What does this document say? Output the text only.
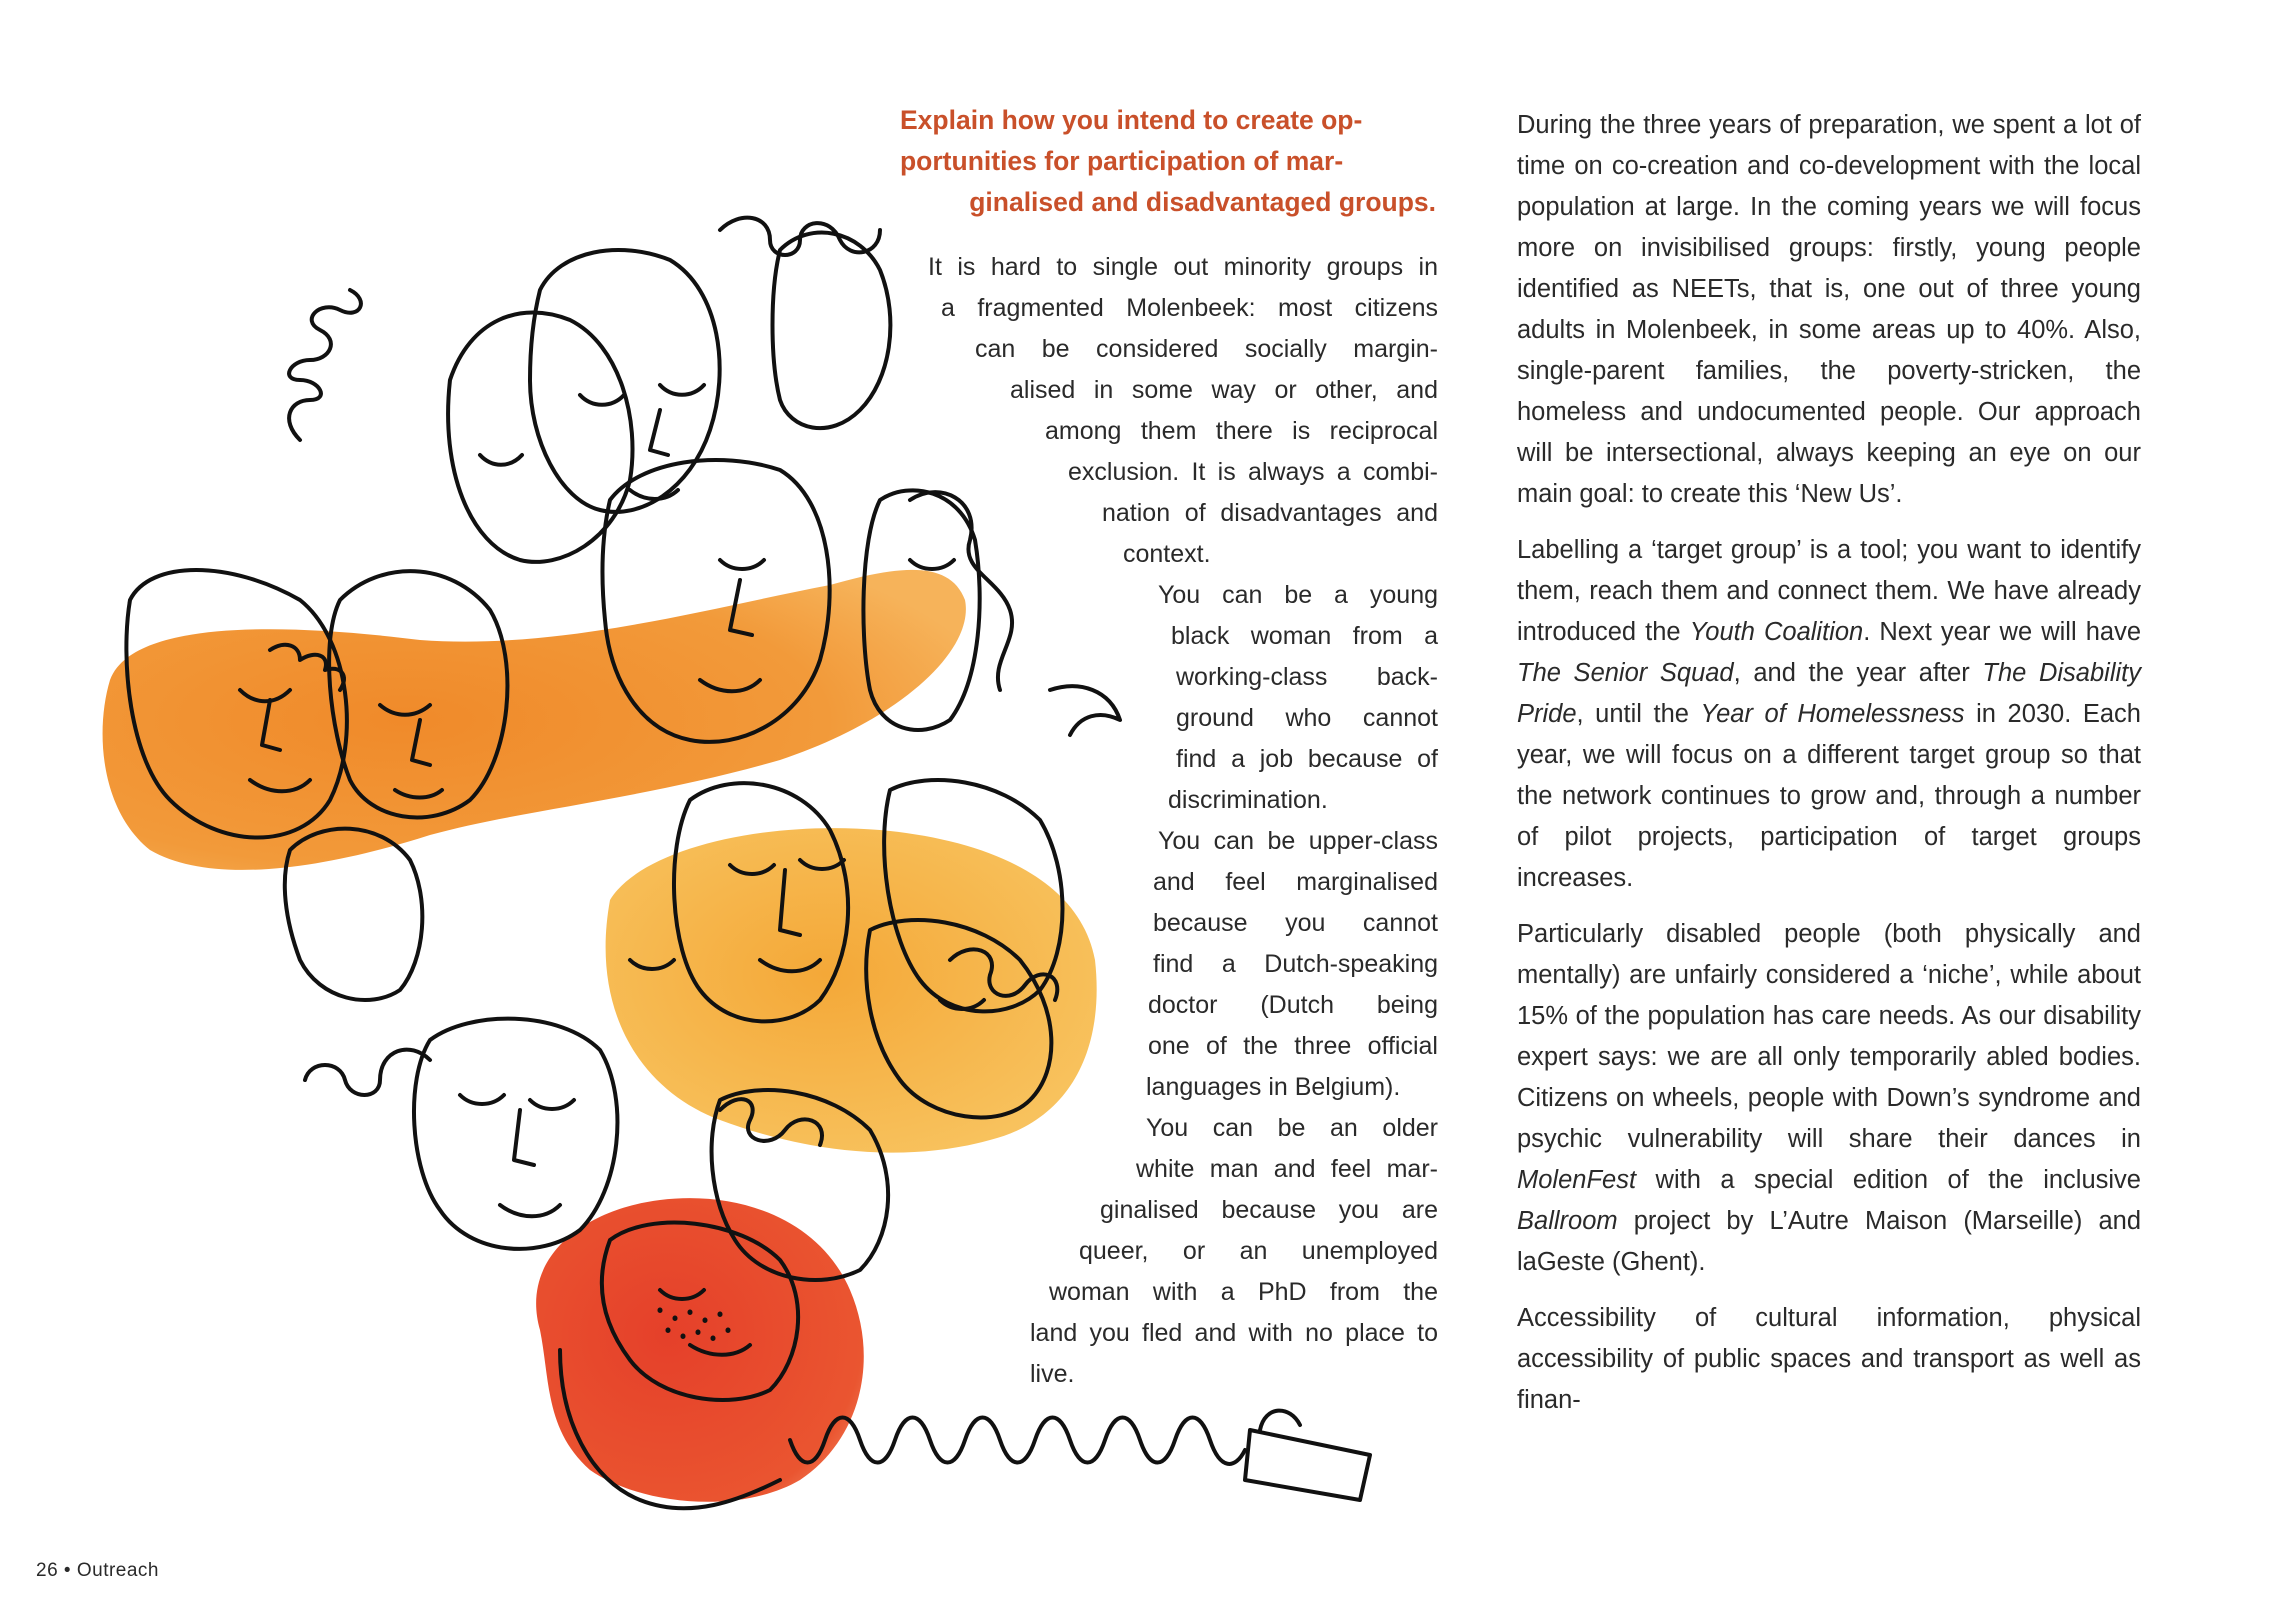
Explain how you intend to create op-
portunities for participation of mar-
ginalised and disadvantaged groups.
It is hard to single out minority groups in
a fragmented Molenbeek: most citizens
can be considered socially margin-
alised in some way or other, and
among them there is reciprocal
exclusion. It is always a combi-
nation of disadvantages and
context.
You can be a young
black woman from a
working-class back-
ground who cannot
find a job because of
discrimination.
You can be upper-class
and feel marginalised
because you cannot
find a Dutch-speaking
doctor (Dutch being
one of the three official
languages in Belgium).
You can be an older
white man and feel mar-
ginalised because you are
queer, or an unemployed
woman with a PhD from the
land you fled and with no place to
live.

During the three years of preparation, we spent a lot of time on co-creation and co-development with the local population at large. In the coming years we will focus more on invisibilised groups: firstly, young people identified as NEETs, that is, one out of three young adults in Molenbeek, in some areas up to 40%. Also, single-parent families, the poverty-stricken, the homeless and undocumented people. Our approach will be intersectional, always keeping an eye on our main goal: to create this ‘New Us’.

Labelling a ‘target group’ is a tool; you want to identify them, reach them and connect them. We have already introduced the Youth Coalition. Next year we will have The Senior Squad, and the year after The Disability Pride, until the Year of Homelessness in 2030. Each year, we will focus on a different target group so that the network continues to grow and, through a number of pilot projects, participation of target groups increases.

Particularly disabled people (both physically and mentally) are unfairly considered a ‘niche’, while about 15% of the population has care needs. As our disability expert says: we are all only temporarily abled bodies. Citizens on wheels, people with Down’s syndrome and psychic vulnerability will share their dances in MolenFest with a special edition of the inclusive Ballroom project by L’Autre Maison (Marseille) and laGeste (Ghent).

Accessibility of cultural information, physical accessibility of public spaces and transport as well as finan-

26 • Outreach
